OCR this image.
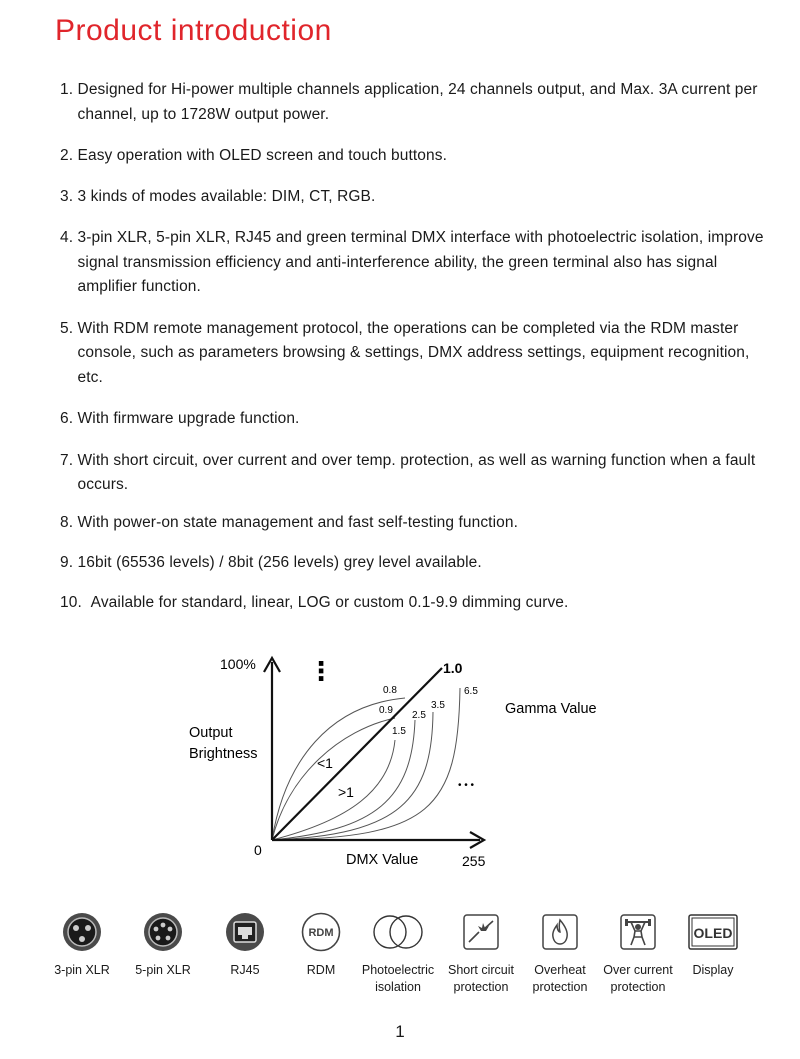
Product introduction
1. Designed for Hi-power multiple channels application, 24 channels output, and Max. 3A current per channel, up to 1728W output power.
2. Easy operation with OLED screen and touch buttons.
3. 3 kinds of modes available: DIM, CT, RGB.
4. 3-pin XLR, 5-pin XLR, RJ45 and green terminal DMX interface with photoelectric isolation, improve signal transmission efficiency and anti-interference ability, the green terminal also has signal amplifier function.
5. With RDM remote management protocol, the operations can be completed via the RDM master console, such as parameters browsing & settings, DMX address settings, equipment recognition, etc.
6. With firmware upgrade function.
7. With short circuit, over current and over temp. protection, as well as warning function when a fault occurs.
8. With power-on state management and fast self-testing function.
9. 16bit (65536 levels) / 8bit (256 levels) grey level available.
10. Available for standard, linear, LOG or custom 0.1-9.9 dimming curve.
100%
Output
Brightness
0
DMX Value	255
1.0
Gamma Value
<1
>1
⋮
• • •
0.8
0.9
1.5
2.5
3.5
6.5
3-pin XLR	5-pin XLR	RJ45
RDM
RDM	Photoelectric
isolation
Short circuit
protection
Overheat
protection
Over current
protection
OLED
Display
1
